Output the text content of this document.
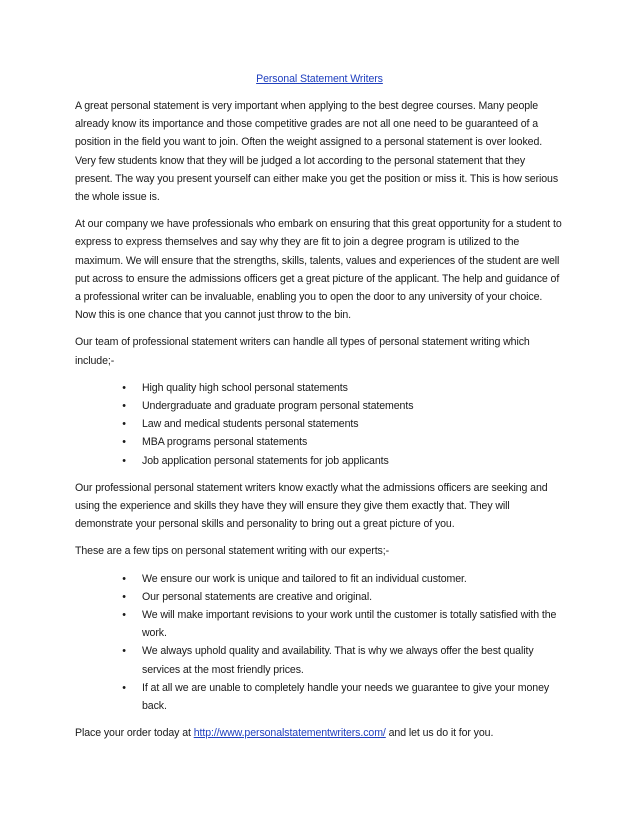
Personal Statement Writers

A great personal statement is very important when applying to the best degree courses. Many people already know its importance and those competitive grades are not all one need to be guaranteed of a position in the field you want to join. Often the weight assigned to a personal statement is over looked. Very few students know that they will be judged a lot according to the personal statement that they present. The way you present yourself can either make you get the position or miss it. This is how serious the whole issue is.

At our company we have professionals who embark on ensuring that this great opportunity for a student to express to express themselves and say why they are fit to join a degree program is utilized to the maximum. We will ensure that the strengths, skills, talents, values and experiences of the student are well put across to ensure the admissions officers get a great picture of the applicant. The help and guidance of a professional writer can be invaluable, enabling you to open the door to any university of your choice. Now this is one chance that you cannot just throw to the bin.

Our team of professional statement writers can handle all types of personal statement writing which include;-

•	High quality high school personal statements
•	Undergraduate and graduate program personal statements
•	Law and medical students personal statements
•	MBA programs personal statements
•	Job application personal statements for job applicants

Our professional personal statement writers know exactly what the admissions officers are seeking and using the experience and skills they have they will ensure they give them exactly that. They will demonstrate your personal skills and personality to bring out a great picture of you.

These are a few tips on personal statement writing with our experts;-

•	We ensure our work is unique and tailored to fit an individual customer.
•	Our personal statements are creative and original.
•	We will make important revisions to your work until the customer is totally satisfied with the work.
•	We always uphold quality and availability. That is why we always offer the best quality services at the most friendly prices.
•	If at all we are unable to completely handle your needs we guarantee to give your money back.

Place your order today at http://www.personalstatementwriters.com/ and let us do it for you.
